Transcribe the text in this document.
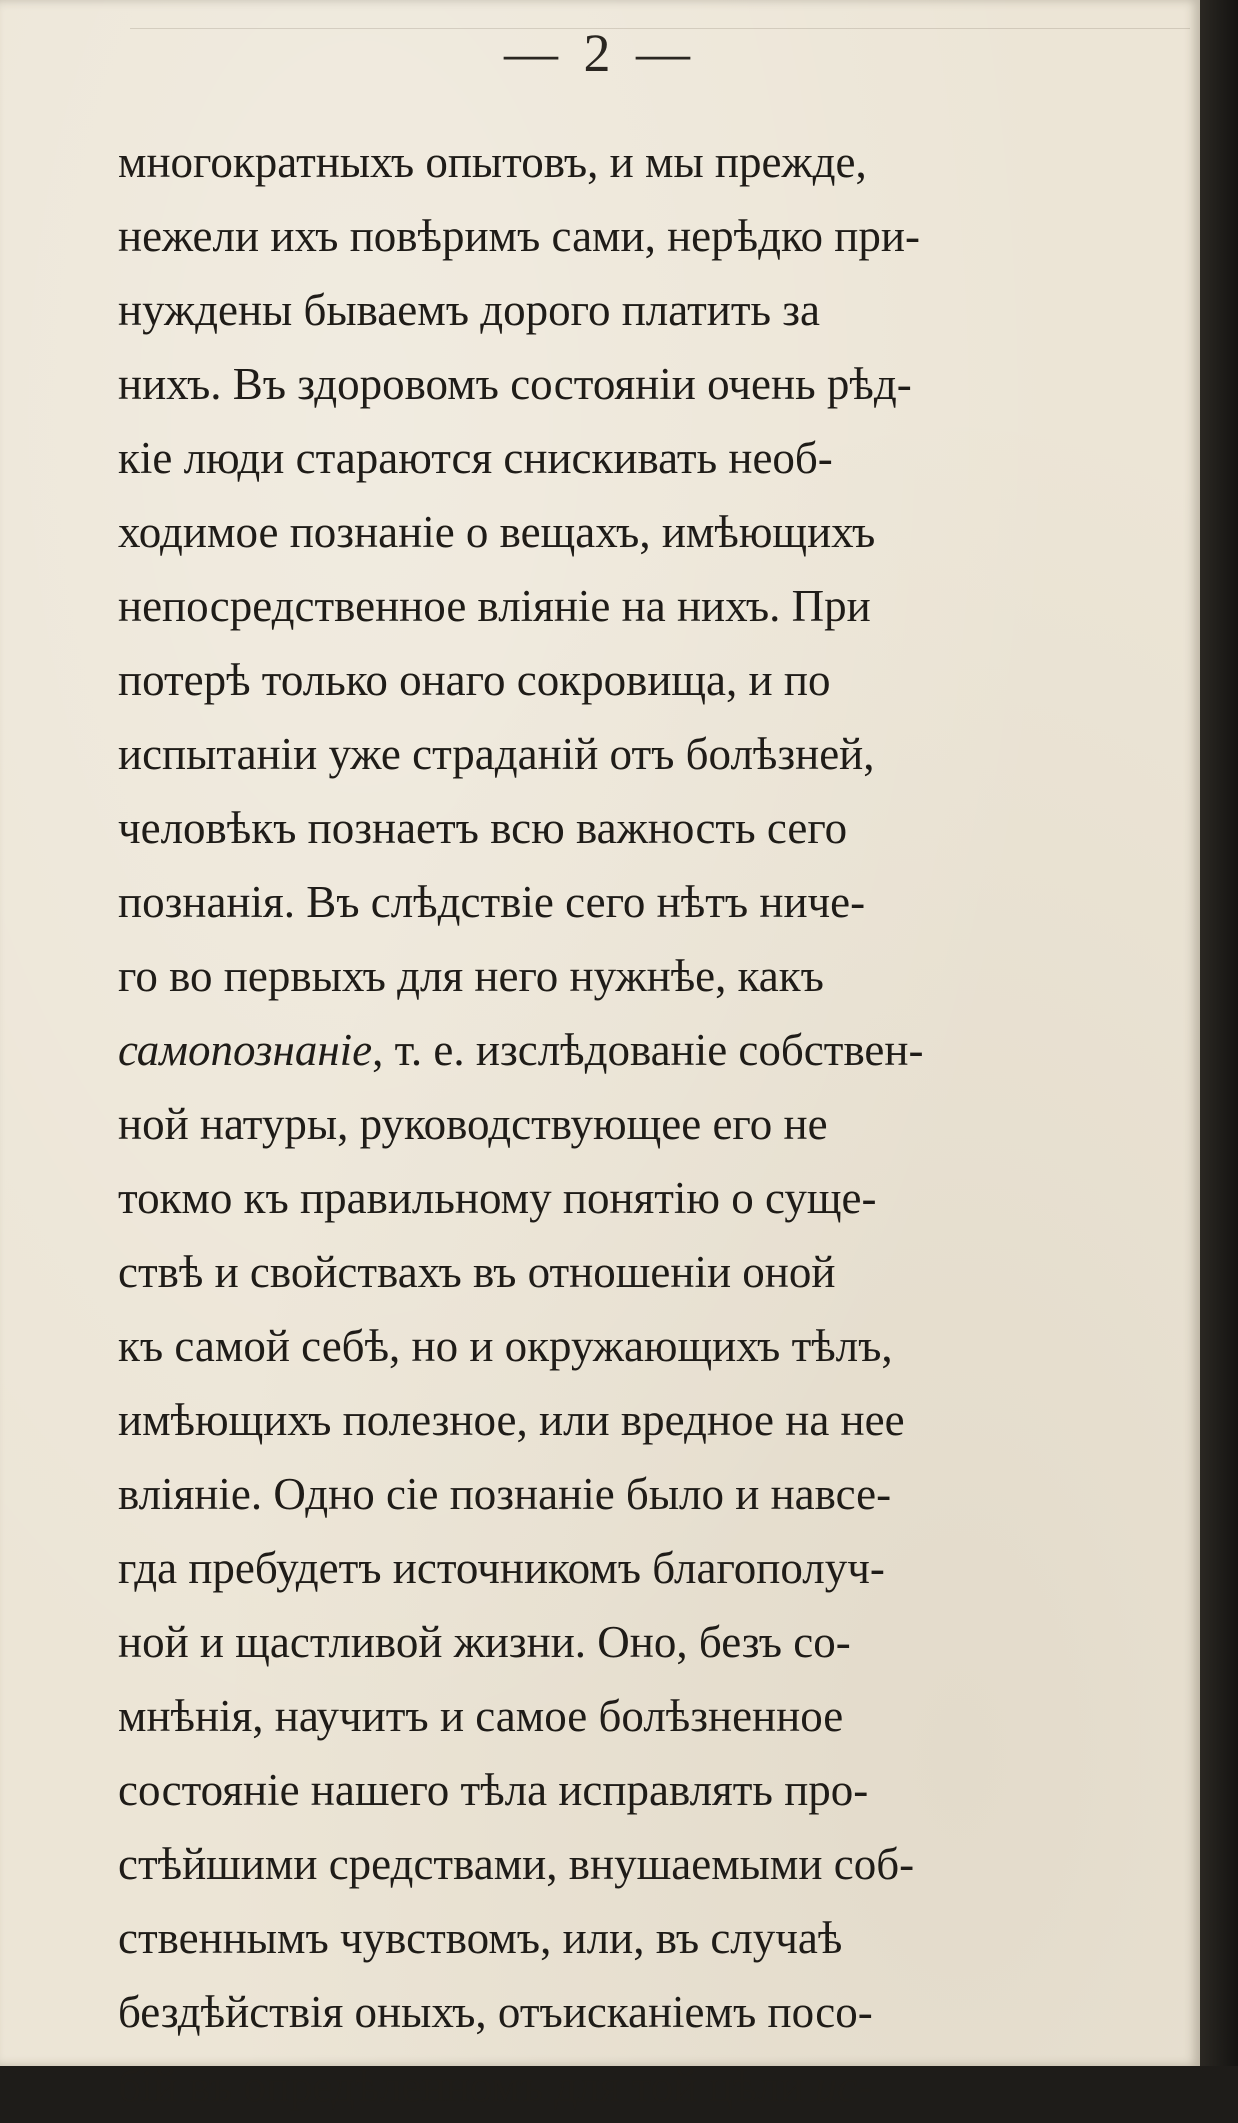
— 2 —
многократныхъ опытовъ, и мы прежде,
нежели ихъ повѣримъ сами, нерѣдко при-
нуждены бываемъ дорого платить за
нихъ. Въ здоровомъ состояніи очень рѣд-
кіе люди стараются снискивать необ-
ходимое познаніе о вещахъ, имѣющихъ
непосредственное вліяніе на нихъ. При
потерѣ только онаго сокровища, и по
испытаніи уже страданій отъ болѣзней,
человѣкъ познаетъ всю важность сего
познанія. Въ слѣдствіе сего нѣтъ ниче-
го во первыхъ для него нужнѣе, какъ
самопознаніе, т. е. изслѣдованіе собствен-
ной натуры, руководствующее его не
токмо къ правильному понятію о суще-
ствѣ и свойствахъ въ отношеніи оной
къ самой себѣ, но и окружающихъ тѣлъ,
имѣющихъ полезное, или вредное на нее
вліяніе. Одно сіе познаніе было и навсе-
гда пребудетъ источникомъ благополуч-
ной и щастливой жизни. Оно, безъ со-
мнѣнія, научитъ и самое болѣзненное
состояніе нашего тѣла исправлять про-
стѣйшими средствами, внушаемыми соб-
ственнымъ чувствомъ, или, въ случаѣ
бездѣйствія оныхъ, отъисканіемъ посо-
бій въ опредѣленномъ для той цѣли ис-
